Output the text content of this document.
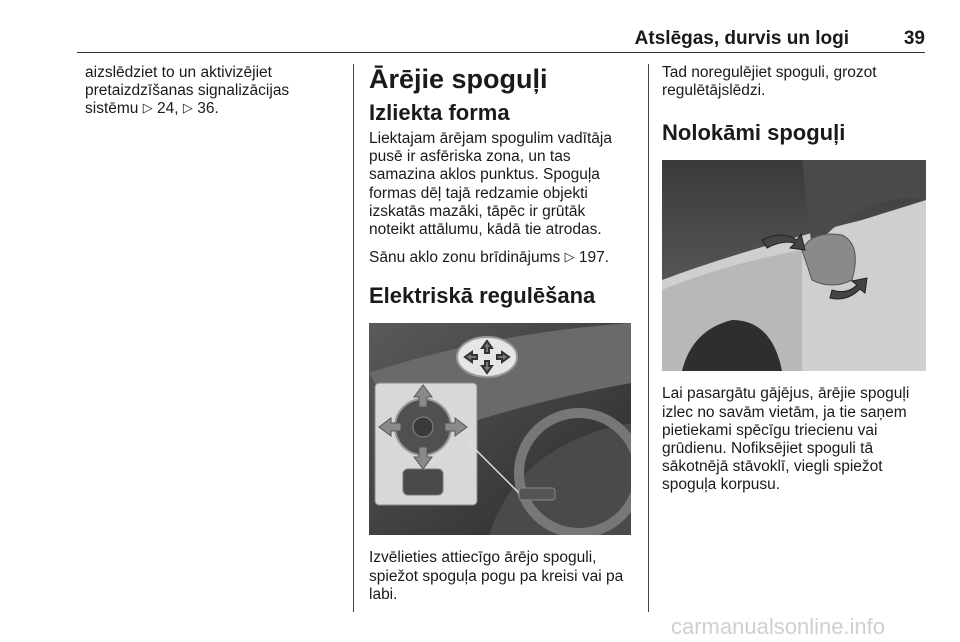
Atslēgas, durvis un logi	39

aizslēdziet to un aktivizējiet pretaizdzīšanas signalizācijas sistēmu ▷ 24, ▷ 36.

Ārējie spoguļi
Izliekta forma

Liektajam ārējam spogulim vadītāja pusē ir asfēriska zona, un tas samazina aklos punktus. Spoguļa formas dēļ tajā redzamie objekti izskatās mazāki, tāpēc ir grūtāk noteikt attālumu, kādā tie atrodas.

Sānu aklo zonu brīdinājums ▷ 197.

Elektriskā regulēšana

Izvēlieties attiecīgo ārējo spoguli, spiežot spoguļa pogu pa kreisi vai pa labi.

Tad noregulējiet spoguli, grozot regulētājslēdzi.

Nolokāmi spoguļi

Lai pasargātu gājējus, ārējie spoguļi izlec no savām vietām, ja tie saņem pietiekami spēcīgu triecienu vai grūdienu. Nofiksējiet spoguli tā sākotnējā stāvoklī, viegli spiežot spoguļa korpusu.

carmanualsonline.info
